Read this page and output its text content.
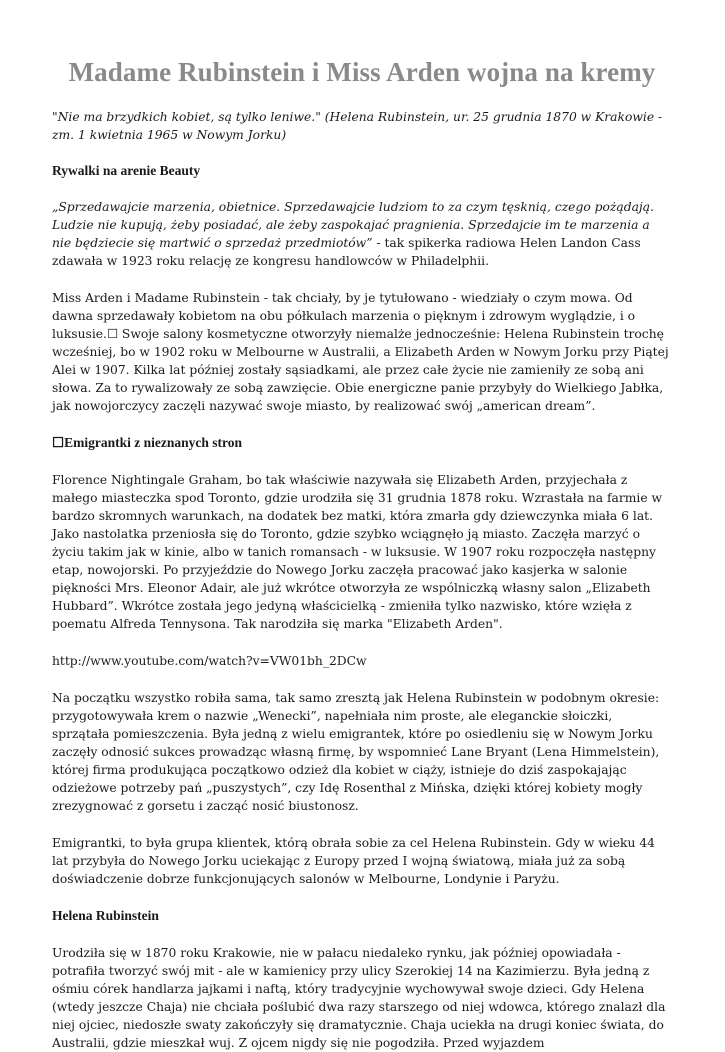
Madame Rubinstein i Miss Arden wojna na kremy

"Nie ma brzydkich kobiet, są tylko leniwe." (Helena Rubinstein, ur. 25 grudnia 1870 w Krakowie - zm. 1 kwietnia 1965 w Nowym Jorku)

Rywalki na arenie Beauty

„Sprzedawajcie marzenia, obietnice. Sprzedawajcie ludziom to za czym tęsknią, czego pożądają. Ludzie nie kupują, żeby posiadać, ale żeby zaspokajać pragnienia. Sprzedajcie im te marzenia a nie będziecie się martwić o sprzedaż przedmiotów” - tak spikerka radiowa Helen Landon Cass zdawała w 1923 roku relację ze kongresu handlowców w Philadelphii.

Miss Arden i Madame Rubinstein - tak chciały, by je tytułowano - wiedziały o czym mowa. Od dawna sprzedawały kobietom na obu półkulach marzenia o pięknym i zdrowym wyglądzie, i o luksusie.☐ Swoje salony kosmetyczne otworzyły niemalże jednocześnie: Helena Rubinstein trochę wcześniej, bo w 1902 roku w Melbourne w Australii, a Elizabeth Arden w Nowym Jorku przy Piątej Alei w 1907. Kilka lat później zostały sąsiadkami, ale przez całe życie nie zamieniły ze sobą ani słowa. Za to rywalizowały ze sobą zawzięcie. Obie energiczne panie przybyły do Wielkiego Jabłka, jak nowojorczycy zaczęli nazywać swoje miasto, by realizować swój „american dream”.

☐Emigrantki z nieznanych stron

Florence Nightingale Graham, bo tak właściwie nazywała się Elizabeth Arden, przyjechała z małego miasteczka spod Toronto, gdzie urodziła się 31 grudnia 1878 roku. Wzrastała na farmie w bardzo skromnych warunkach, na dodatek bez matki, która zmarła gdy dziewczynka miała 6 lat. Jako nastolatka przeniosła się do Toronto, gdzie szybko wciągnęło ją miasto. Zaczęła marzyć o życiu takim jak w kinie, albo w tanich romansach - w luksusie. W 1907 roku rozpoczęła następny etap, nowojorski. Po przyjeździe do Nowego Jorku zaczęła pracować jako kasjerka w salonie piękności Mrs. Eleonor Adair, ale już wkrótce otworzyła ze wspólniczką własny salon „Elizabeth Hubbard”. Wkrótce została jego jedyną właścicielką - zmieniła tylko nazwisko, które wzięła z poematu Alfreda Tennysona. Tak narodziła się marka "Elizabeth Arden".

http://www.youtube.com/watch?v=VW01bh_2DCw

Na początku wszystko robiła sama, tak samo zresztą jak Helena Rubinstein w podobnym okresie: przygotowywała krem o nazwie „Wenecki”, napełniała nim proste, ale eleganckie słoiczki, sprzątała pomieszczenia. Była jedną z wielu emigrantek, które po osiedleniu się w Nowym Jorku zaczęły odnosić sukces prowadząc własną firmę, by wspomnieć Lane Bryant (Lena Himmelstein), której firma produkująca początkowo odzież dla kobiet w ciąży, istnieje do dziś zaspokajając odzieżowe potrzeby pań „puszystych”, czy Idę Rosenthal z Mińska, dzięki której kobiety mogły zrezygnować z gorsetu i zacząć nosić biustonosz.

Emigrantki, to była grupa klientek, którą obrała sobie za cel Helena Rubinstein. Gdy w wieku 44 lat przybyła do Nowego Jorku uciekając z Europy przed I wojną światową, miała już za sobą doświadczenie dobrze funkcjonujących salonów w Melbourne, Londynie i Paryżu.

Helena Rubinstein

Urodziła się w 1870 roku Krakowie, nie w pałacu niedaleko rynku, jak później opowiadała - potrafiła tworzyć swój mit - ale w kamienicy przy ulicy Szerokiej 14 na Kazimierzu. Była jedną z ośmiu córek handlarza jajkami i naftą, który tradycyjnie wychowywał swoje dzieci. Gdy Helena (wtedy jeszcze Chaja) nie chciała poślubić dwa razy starszego od niej wdowca, którego znalazł dla niej ojciec, niedoszłe swaty zakończyły się dramatycznie. Chaja uciekła na drugi koniec świata, do Australii, gdzie mieszkał wuj. Z ojcem nigdy się nie pogodziła. Przed wyjazdem
